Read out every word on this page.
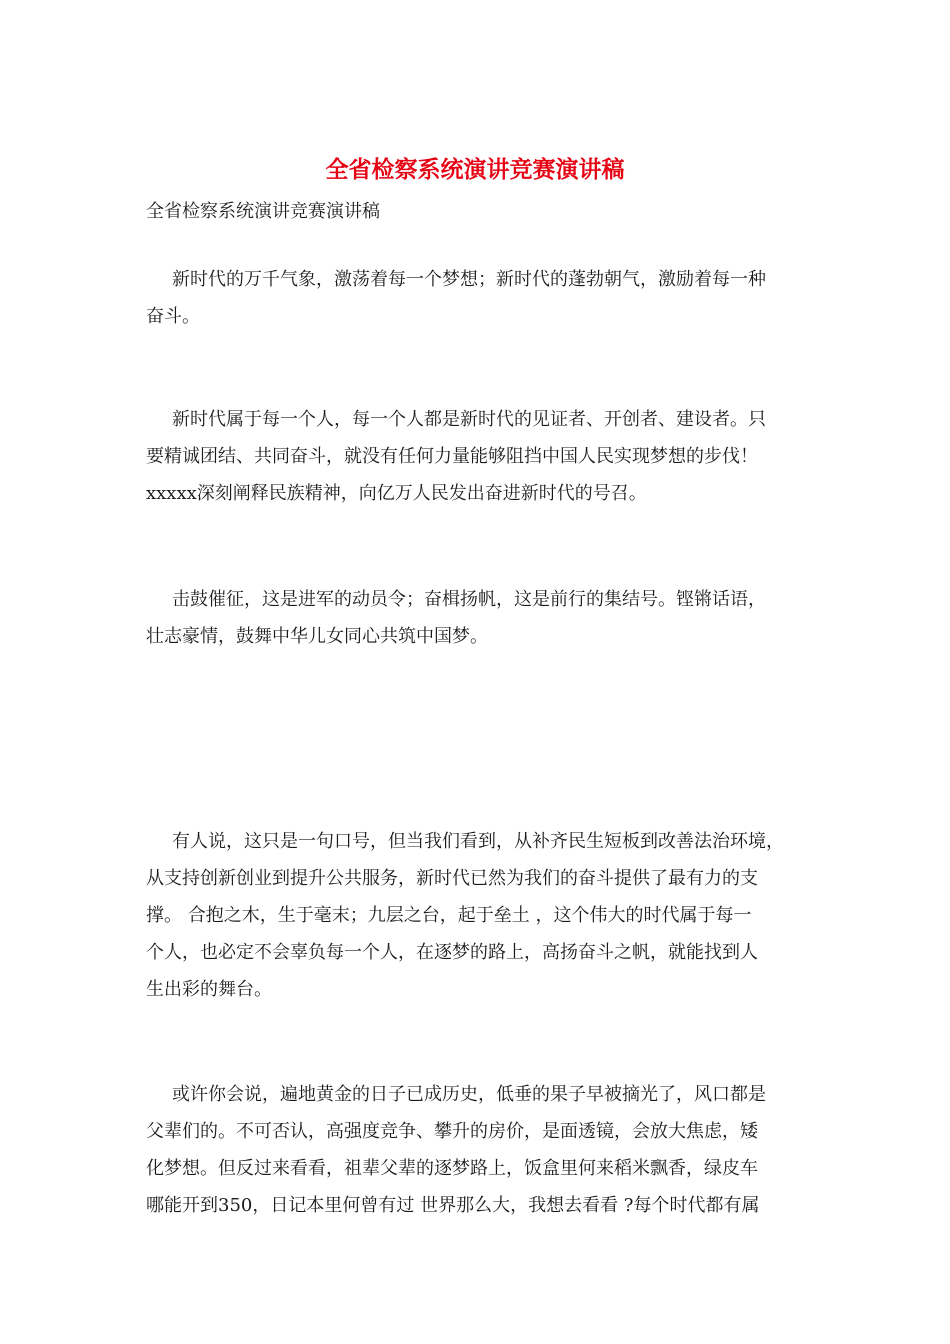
全省检察系统演讲竞赛演讲稿
全省检察系统演讲竞赛演讲稿
新时代的万千气象，激荡着每一个梦想；新时代的蓬勃朝气，激励着每一种
奋斗。
新时代属于每一个人，每一个人都是新时代的见证者、开创者、建设者。只
要精诚团结、共同奋斗，就没有任何力量能够阻挡中国人民实现梦想的步伐！
xxxxx深刻阐释民族精神，向亿万人民发出奋进新时代的号召。
击鼓催征，这是进军的动员令；奋楫扬帆，这是前行的集结号。铿锵话语，
壮志豪情，鼓舞中华儿女同心共筑中国梦。
有人说，这只是一句口号，但当我们看到，从补齐民生短板到改善法治环境，
从支持创新创业到提升公共服务，新时代已然为我们的奋斗提供了最有力的支
撑。 合抱之木，生于毫末；九层之台，起于垒土 ，这个伟大的时代属于每一
个人，也必定不会辜负每一个人，在逐梦的路上，高扬奋斗之帆，就能找到人
生出彩的舞台。
或许你会说，遍地黄金的日子已成历史，低垂的果子早被摘光了，风口都是
父辈们的。不可否认，高强度竞争、攀升的房价，是面透镜，会放大焦虑，矮
化梦想。但反过来看看，祖辈父辈的逐梦路上，饭盒里何来稻米飘香，绿皮车
哪能开到350，日记本里何曾有过 世界那么大，我想去看看 ?每个时代都有属
